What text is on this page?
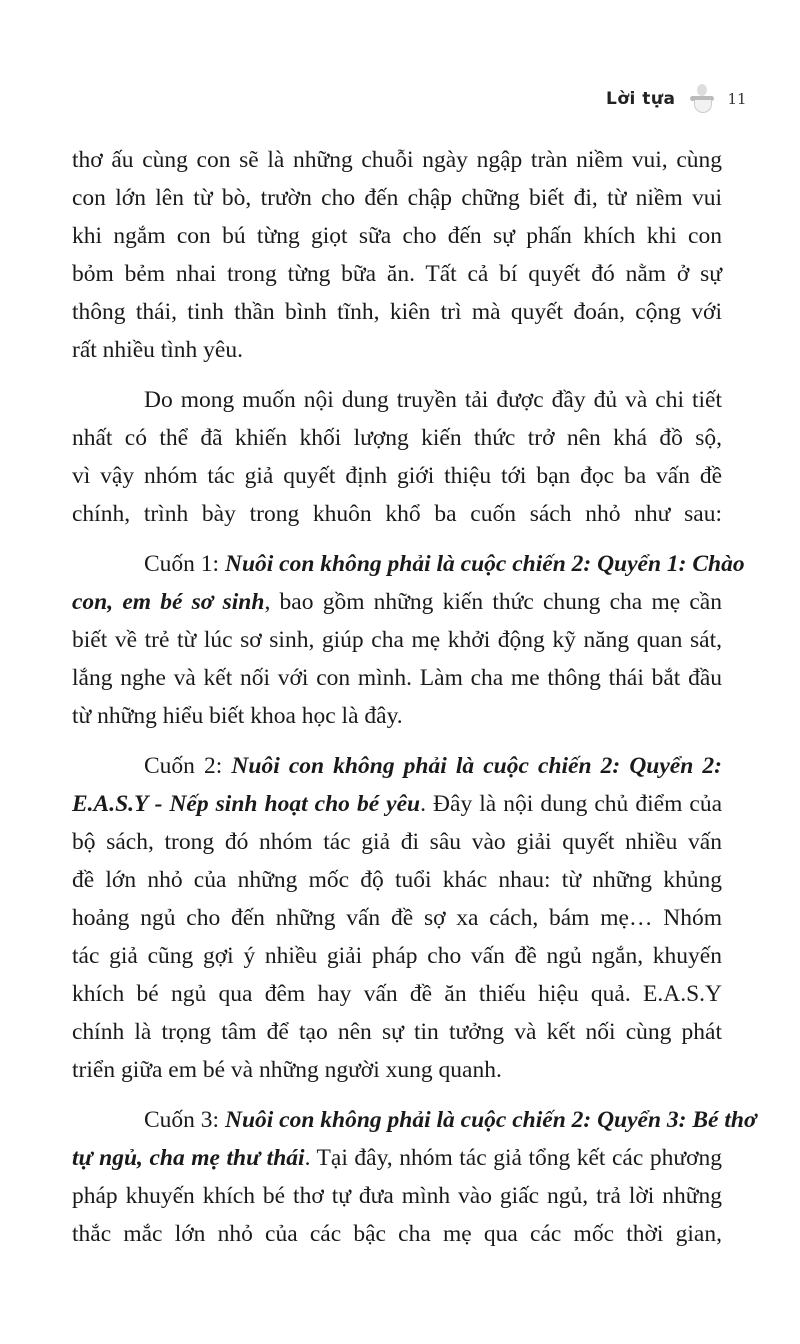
Lời tựa	11
thơ ấu cùng con sẽ là những chuỗi ngày ngập tràn niềm vui, cùng
con lớn lên từ bò, trườn cho đến chập chững biết đi, từ niềm vui
khi ngắm con bú từng giọt sữa cho đến sự phấn khích khi con
bỏm bẻm nhai trong từng bữa ăn. Tất cả bí quyết đó nằm ở sự
thông thái, tinh thần bình tĩnh, kiên trì mà quyết đoán, cộng với
rất nhiều tình yêu.
Do mong muốn nội dung truyền tải được đầy đủ và chi tiết
nhất có thể đã khiến khối lượng kiến thức trở nên khá đồ sộ,
vì vậy nhóm tác giả quyết định giới thiệu tới bạn đọc ba vấn đề
chính, trình bày trong khuôn khổ ba cuốn sách nhỏ như sau:
Cuốn 1: Nuôi con không phải là cuộc chiến 2: Quyển 1: Chào
con, em bé sơ sinh, bao gồm những kiến thức chung cha mẹ cần
biết về trẻ từ lúc sơ sinh, giúp cha mẹ khởi động kỹ năng quan sát,
lắng nghe và kết nối với con mình. Làm cha me thông thái bắt đầu
từ những hiểu biết khoa học là đây.
Cuốn 2: Nuôi con không phải là cuộc chiến 2: Quyển 2:
E.A.S.Y - Nếp sinh hoạt cho bé yêu. Đây là nội dung chủ điểm của
bộ sách, trong đó nhóm tác giả đi sâu vào giải quyết nhiều vấn
đề lớn nhỏ của những mốc độ tuổi khác nhau: từ những khủng
hoảng ngủ cho đến những vấn đề sợ xa cách, bám mẹ… Nhóm
tác giả cũng gợi ý nhiều giải pháp cho vấn đề ngủ ngắn, khuyến
khích bé ngủ qua đêm hay vấn đề ăn thiếu hiệu quả. E.A.S.Y
chính là trọng tâm để tạo nên sự tin tưởng và kết nối cùng phát
triển giữa em bé và những người xung quanh.
Cuốn 3: Nuôi con không phải là cuộc chiến 2: Quyển 3: Bé thơ
tự ngủ, cha mẹ thư thái. Tại đây, nhóm tác giả tổng kết các phương
pháp khuyến khích bé thơ tự đưa mình vào giấc ngủ, trả lời những
thắc mắc lớn nhỏ của các bậc cha mẹ qua các mốc thời gian,
